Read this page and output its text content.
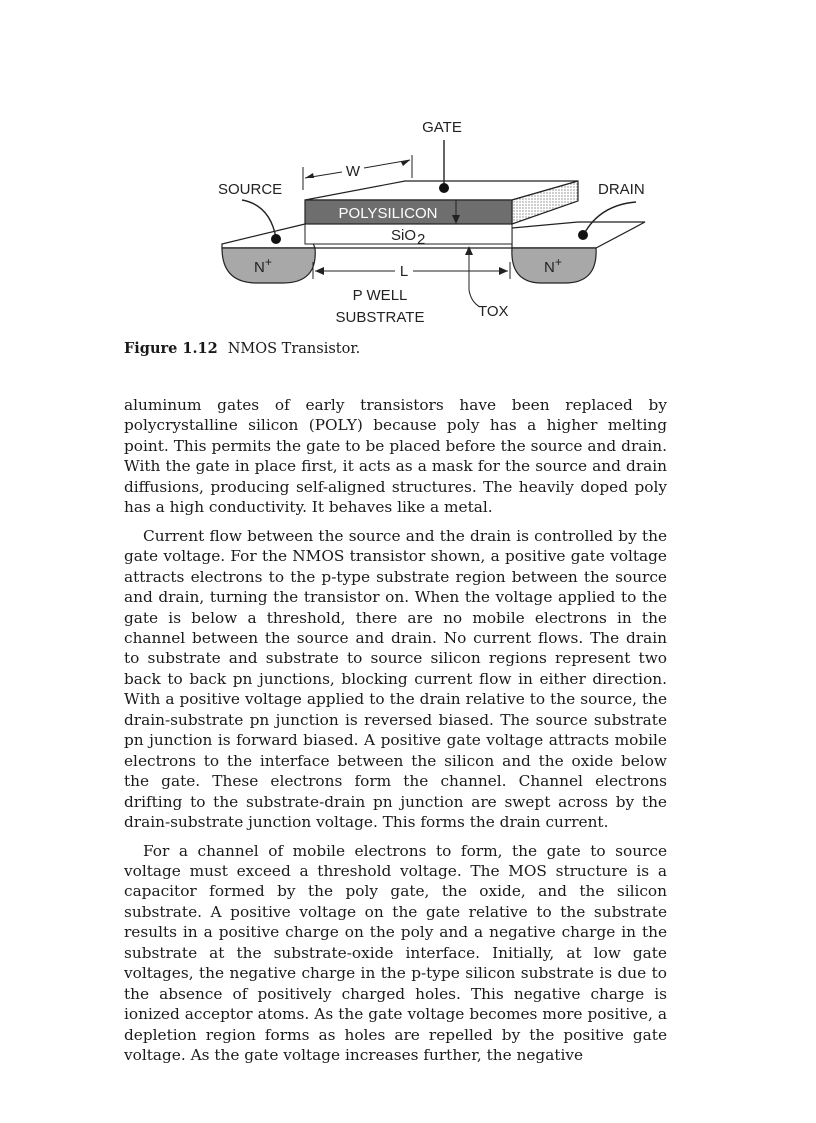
GATE
W
SOURCE	DRAIN
POLYSILICON
SiO2
N+	N+
L
P WELL
SUBSTRATE	TOX
Figure 1.12 NMOS Transistor.

aluminum gates of early transistors have been replaced by polycrystalline silicon (POLY) because poly has a higher melting point. This permits the gate to be placed before the source and drain. With the gate in place first, it acts as a mask for the source and drain diffusions, producing self-aligned structures. The heavily doped poly has a high conductivity. It behaves like a metal.

Current flow between the source and the drain is controlled by the gate voltage. For the NMOS transistor shown, a positive gate voltage attracts electrons to the p-type substrate region between the source and drain, turning the transistor on. When the voltage applied to the gate is below a threshold, there are no mobile electrons in the channel between the source and drain. No current flows. The drain to substrate and substrate to source silicon regions represent two back to back pn junctions, blocking current flow in either direction. With a positive voltage applied to the drain relative to the source, the drain-substrate pn junction is reversed biased. The source substrate pn junction is forward biased. A positive gate voltage attracts mobile electrons to the interface between the silicon and the oxide below the gate. These electrons form the channel. Channel electrons drifting to the substrate-drain pn junction are swept across by the drain-substrate junction voltage. This forms the drain current.

For a channel of mobile electrons to form, the gate to source voltage must exceed a threshold voltage. The MOS structure is a capacitor formed by the poly gate, the oxide, and the silicon substrate. A positive voltage on the gate relative to the substrate results in a positive charge on the poly and a negative charge in the substrate at the substrate-oxide interface. Initially, at low gate voltages, the negative charge in the p-type silicon substrate is due to the absence of positively charged holes. This negative charge is ionized acceptor atoms. As the gate voltage becomes more positive, a depletion region forms as holes are repelled by the positive gate voltage. As the gate voltage increases further, the negative
